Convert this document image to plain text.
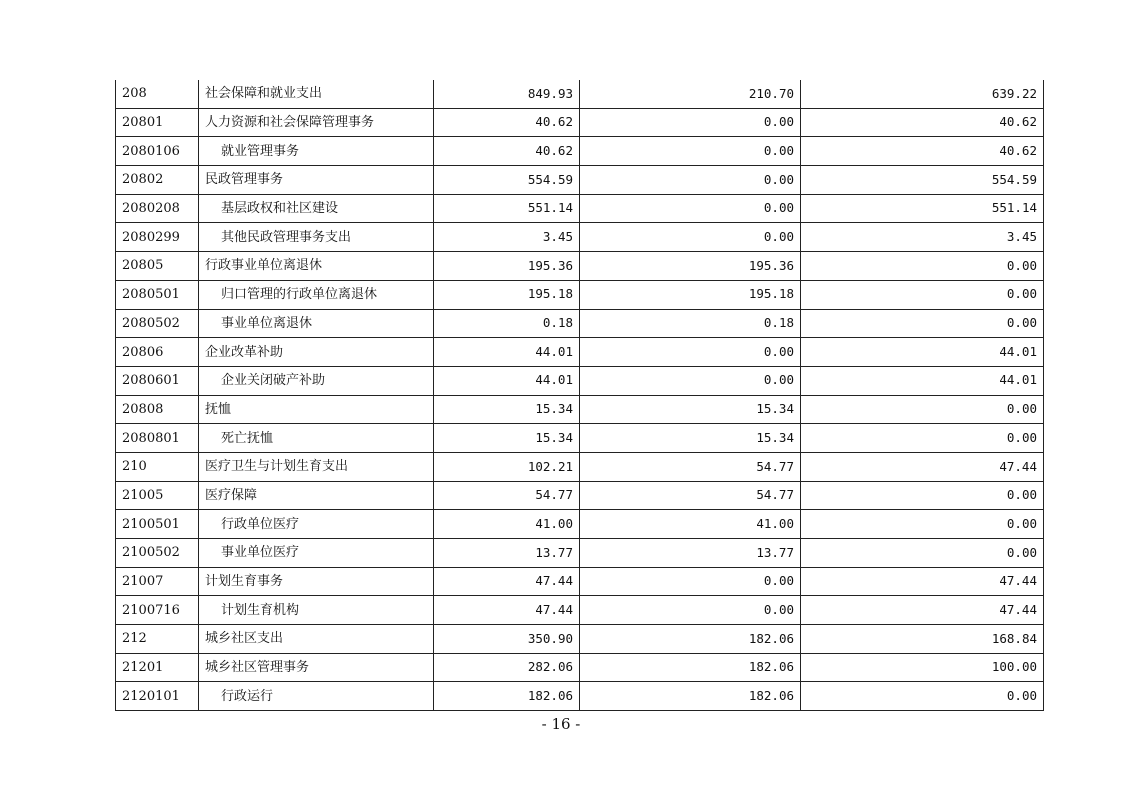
208	社会保障和就业支出	849.93	210.70	639.22
20801	人力资源和社会保障管理事务	40.62	0.00	40.62
2080106	就业管理事务	40.62	0.00	40.62
20802	民政管理事务	554.59	0.00	554.59
2080208	基层政权和社区建设	551.14	0.00	551.14
2080299	其他民政管理事务支出	3.45	0.00	3.45
20805	行政事业单位离退休	195.36	195.36	0.00
2080501	归口管理的行政单位离退休	195.18	195.18	0.00
2080502	事业单位离退休	0.18	0.18	0.00
20806	企业改革补助	44.01	0.00	44.01
2080601	企业关闭破产补助	44.01	0.00	44.01
20808	抚恤	15.34	15.34	0.00
2080801	死亡抚恤	15.34	15.34	0.00
210	医疗卫生与计划生育支出	102.21	54.77	47.44
21005	医疗保障	54.77	54.77	0.00
2100501	行政单位医疗	41.00	41.00	0.00
2100502	事业单位医疗	13.77	13.77	0.00
21007	计划生育事务	47.44	0.00	47.44
2100716	计划生育机构	47.44	0.00	47.44
212	城乡社区支出	350.90	182.06	168.84
21201	城乡社区管理事务	282.06	182.06	100.00
2120101	行政运行	182.06	182.06	0.00
- 16 -
